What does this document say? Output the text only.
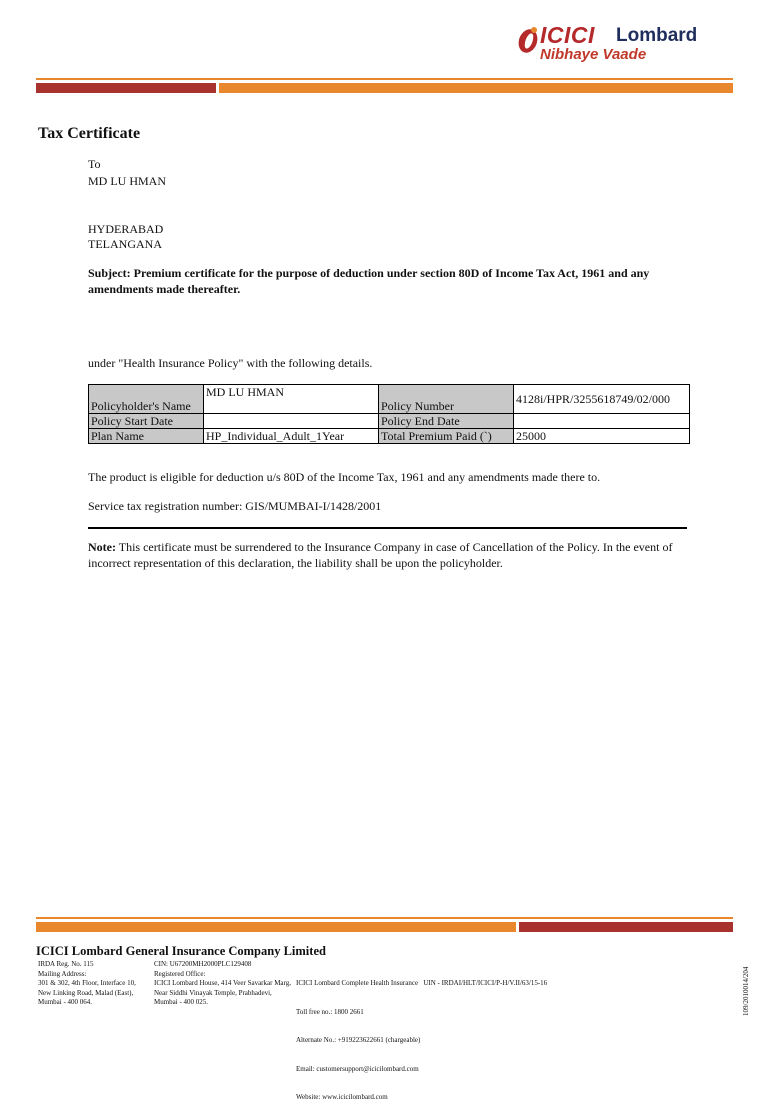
ICICI Lombard
Nibhaye Vaade
Tax Certificate
To
MD LU HMAN
HYDERABAD
TELANGANA
Subject: Premium certificate for the purpose of deduction under section 80D of Income Tax Act, 1961 and any amendments made thereafter.
under "Health Insurance Policy" with the following details.
Policyholder's Name	MD LU HMAN	Policy Number	4128i/HPR/3255618749/02/000
Policy Start Date		Policy End Date	
Plan Name	HP_Individual_Adult_1Year	Total Premium Paid (`)	25000
The product is eligible for deduction u/s 80D of the Income Tax, 1961 and any amendments made there to.
Service tax registration number: GIS/MUMBAI-I/1428/2001
Note: This certificate must be surrendered to the Insurance Company in case of Cancellation of the Policy. In the event of incorrect representation of this declaration, the liability shall be upon the policyholder.
ICICI Lombard General Insurance Company Limited
IRDA Reg. No. 115
Mailing Address:
301 & 302, 4th Floor, Interface 10,
New Linking Road, Malad (East),
Mumbai - 400 064.
CIN: U67200MH2000PLC129408
Registered Office:
ICICI Lombard House, 414 Veer Savarkar Marg,
Near Siddhi Vinayak Temple, Prabhadevi,
Mumbai - 400 025.

ICICI Lombard Complete Health Insurance   UIN - IRDAI/HLT/ICICI/P-H/V.II/63/15-16

Toll free no.: 1800 2661

Alternate No.: +919223622661 (chargeable)

Email: customersupport@icicilombard.com

Website: www.icicilombard.com

109/2010014/204
